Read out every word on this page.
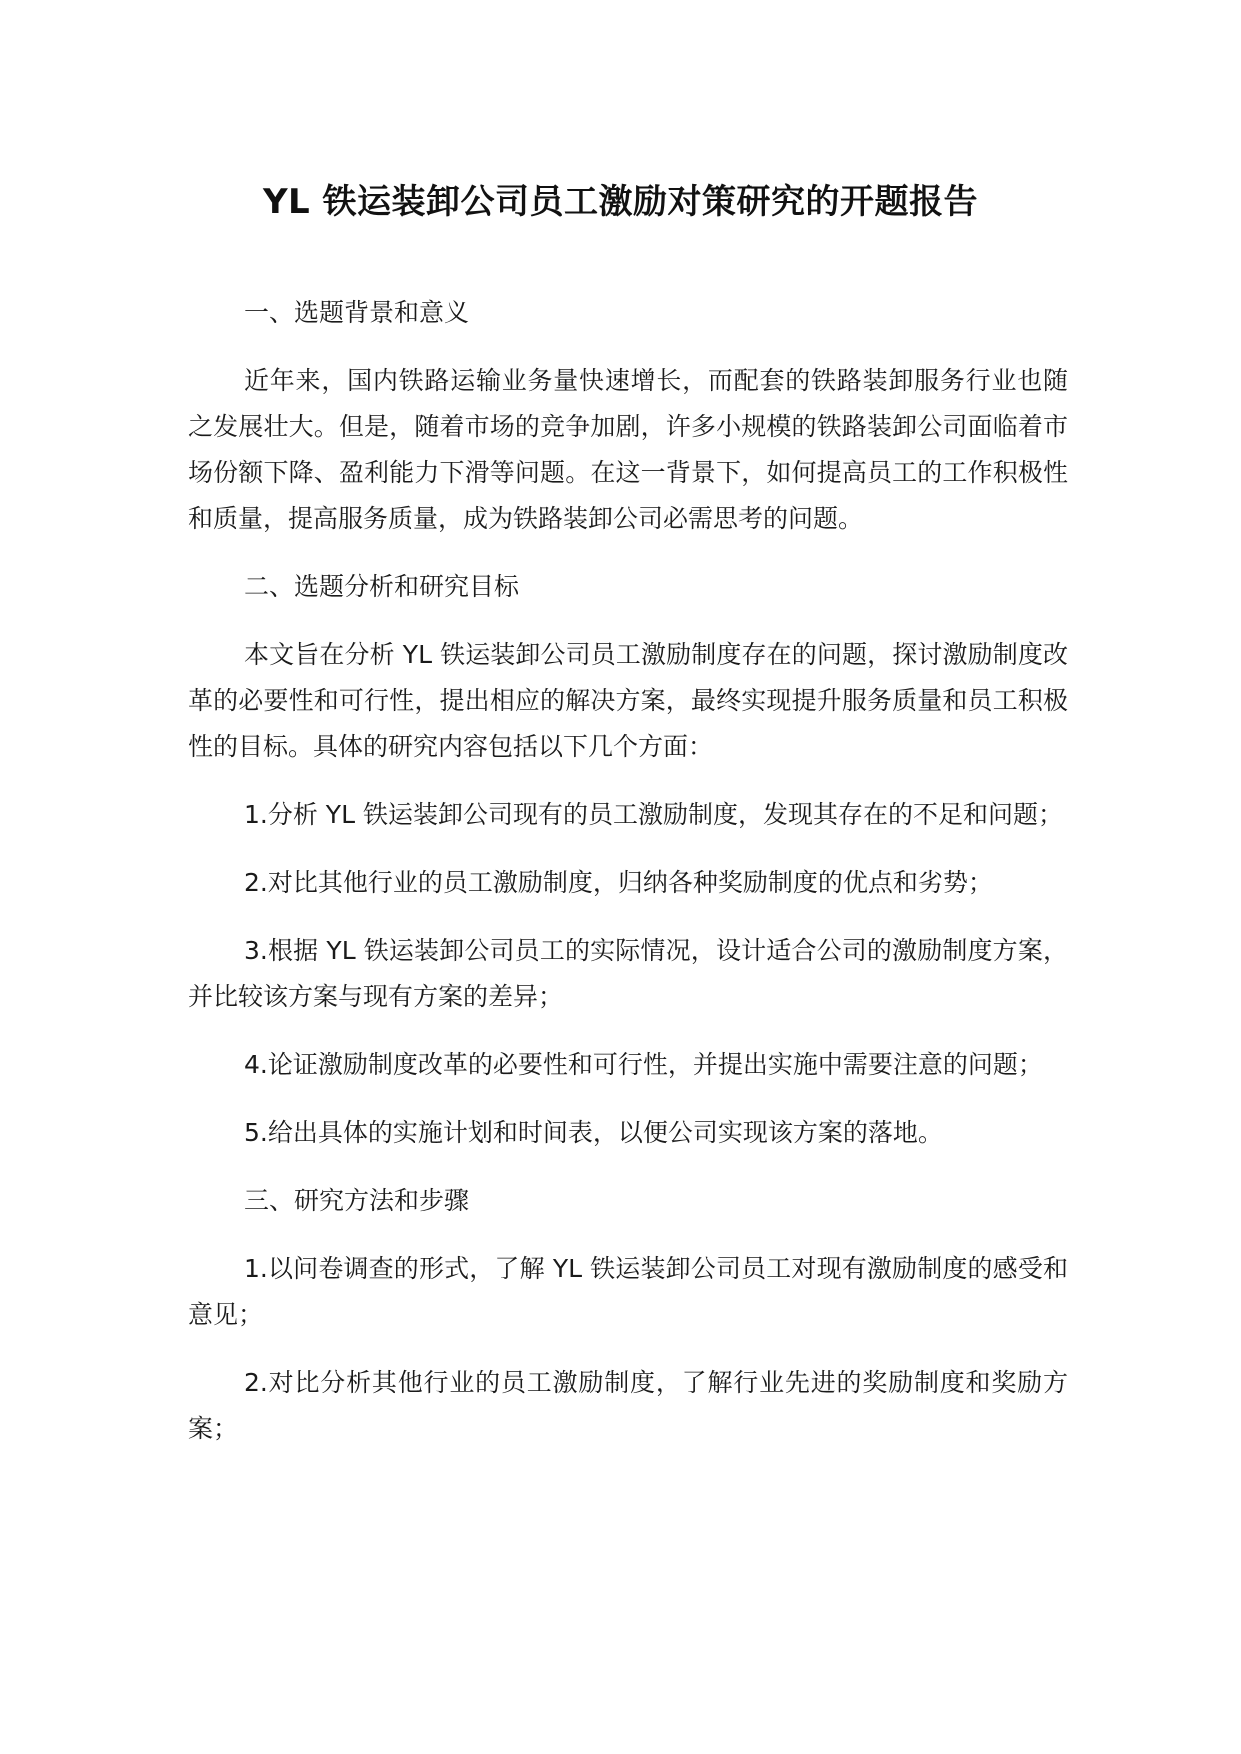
YL 铁运装卸公司员工激励对策研究的开题报告

一、选题背景和意义

近年来，国内铁路运输业务量快速增长，而配套的铁路装卸服务行业也随之发展壮大。但是，随着市场的竞争加剧，许多小规模的铁路装卸公司面临着市场份额下降、盈利能力下滑等问题。在这一背景下，如何提高员工的工作积极性和质量，提高服务质量，成为铁路装卸公司必需思考的问题。

二、选题分析和研究目标

本文旨在分析 YL 铁运装卸公司员工激励制度存在的问题，探讨激励制度改革的必要性和可行性，提出相应的解决方案，最终实现提升服务质量和员工积极性的目标。具体的研究内容包括以下几个方面：

1.分析 YL 铁运装卸公司现有的员工激励制度，发现其存在的不足和问题；

2.对比其他行业的员工激励制度，归纳各种奖励制度的优点和劣势；

3.根据 YL 铁运装卸公司员工的实际情况，设计适合公司的激励制度方案，并比较该方案与现有方案的差异；

4.论证激励制度改革的必要性和可行性，并提出实施中需要注意的问题；

5.给出具体的实施计划和时间表，以便公司实现该方案的落地。

三、研究方法和步骤

1.以问卷调查的形式，了解 YL 铁运装卸公司员工对现有激励制度的感受和意见；

2.对比分析其他行业的员工激励制度，了解行业先进的奖励制度和奖励方案；
